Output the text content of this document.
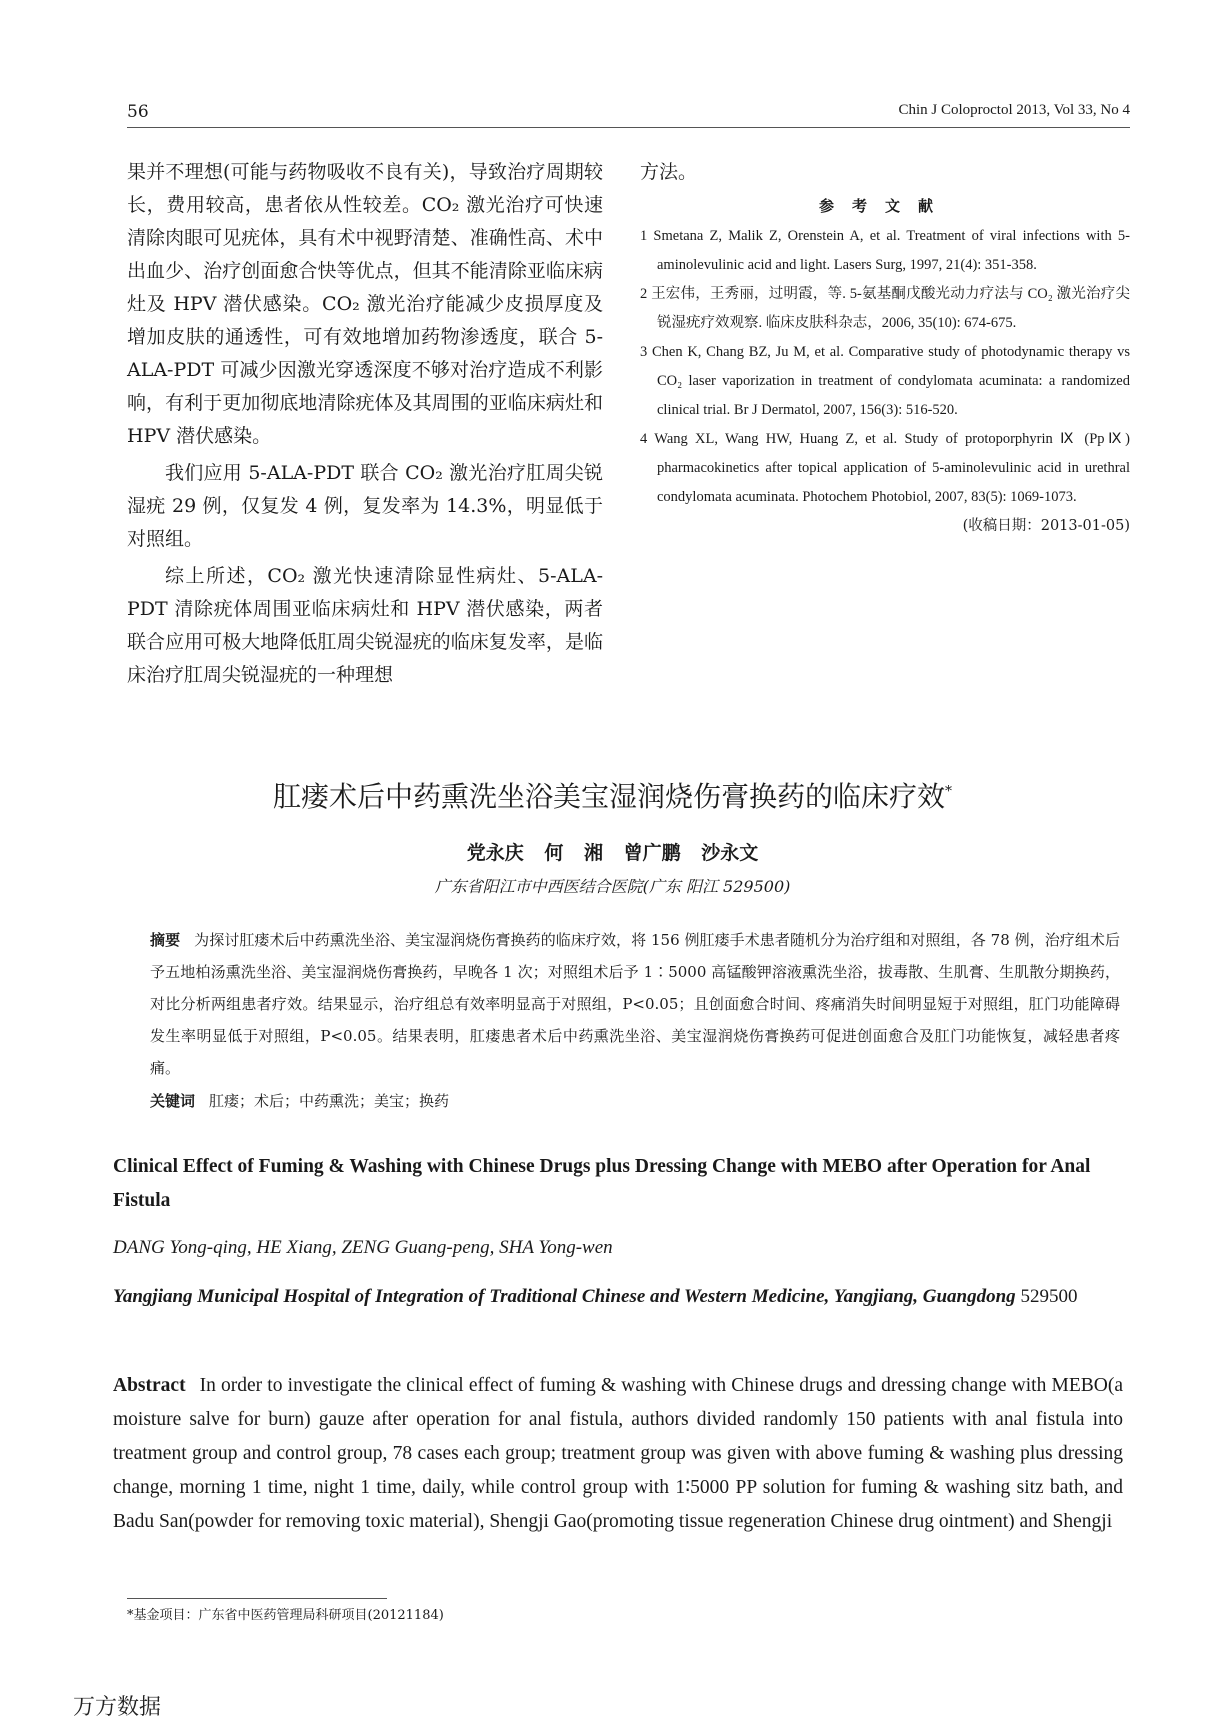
56	Chin J Coloproctol 2013, Vol 33, No 4

果并不理想(可能与药物吸收不良有关)，导致治疗周期较长，费用较高，患者依从性较差。CO₂ 激光治疗可快速清除肉眼可见疣体，具有术中视野清楚、准确性高、术中出血少、治疗创面愈合快等优点，但其不能清除亚临床病灶及 HPV 潜伏感染。CO₂ 激光治疗能减少皮损厚度及增加皮肤的通透性，可有效地增加药物渗透度，联合 5-ALA-PDT 可减少因激光穿透深度不够对治疗造成不利影响，有利于更加彻底地清除疣体及其周围的亚临床病灶和 HPV 潜伏感染。

我们应用 5-ALA-PDT 联合 CO₂ 激光治疗肛周尖锐湿疣 29 例，仅复发 4 例，复发率为 14.3%，明显低于对照组。

综上所述，CO₂ 激光快速清除显性病灶、5-ALA-PDT 清除疣体周围亚临床病灶和 HPV 潜伏感染，两者联合应用可极大地降低肛周尖锐湿疣的临床复发率，是临床治疗肛周尖锐湿疣的一种理想

方法。

参考文献
1 Smetana Z, Malik Z, Orenstein A, et al. Treatment of viral infections with 5-aminolevulinic acid and light. Lasers Surg, 1997, 21(4): 351-358.
2 王宏伟，王秀丽，过明霞，等. 5-氨基酮戊酸光动力疗法与 CO₂ 激光治疗尖锐湿疣疗效观察. 临床皮肤科杂志，2006, 35(10): 674-675.
3 Chen K, Chang BZ, Ju M, et al. Comparative study of photodynamic therapy vs CO₂ laser vaporization in treatment of condylomata acuminata: a randomized clinical trial. Br J Dermatol, 2007, 156(3): 516-520.
4 Wang XL, Wang HW, Huang Z, et al. Study of protoporphyrin Ⅸ (PpⅨ) pharmacokinetics after topical application of 5-aminolevulinic acid in urethral condylomata acuminata. Photochem Photobiol, 2007, 83(5): 1069-1073.
(收稿日期：2013-01-05)
肛瘘术后中药熏洗坐浴美宝湿润烧伤膏换药的临床疗效*
党永庆 何 湘 曾广鹏 沙永文
广东省阳江市中西医结合医院(广东 阳江 529500)
摘要 为探讨肛瘘术后中药熏洗坐浴、美宝湿润烧伤膏换药的临床疗效，将 156 例肛瘘手术患者随机分为治疗组和对照组，各 78 例，治疗组术后予五地柏汤熏洗坐浴、美宝湿润烧伤膏换药，早晚各 1 次；对照组术后予 1∶5000 高锰酸钾溶液熏洗坐浴，拔毒散、生肌膏、生肌散分期换药，对比分析两组患者疗效。结果显示，治疗组总有效率明显高于对照组，P<0.05；且创面愈合时间、疼痛消失时间明显短于对照组，肛门功能障碍发生率明显低于对照组，P<0.05。结果表明，肛瘘患者术后中药熏洗坐浴、美宝湿润烧伤膏换药可促进创面愈合及肛门功能恢复，减轻患者疼痛。
关键词 肛瘘；术后；中药熏洗；美宝；换药
Clinical Effect of Fuming & Washing with Chinese Drugs plus Dressing Change with MEBO after Operation for Anal Fistula
DANG Yong-qing, HE Xiang, ZENG Guang-peng, SHA Yong-wen
Yangjiang Municipal Hospital of Integration of Traditional Chinese and Western Medicine, Yangjiang, Guangdong 529500
Abstract In order to investigate the clinical effect of fuming & washing with Chinese drugs and dressing change with MEBO(a moisture salve for burn) gauze after operation for anal fistula, authors divided randomly 150 patients with anal fistula into treatment group and control group, 78 cases each group; treatment group was given with above fuming & washing plus dressing change, morning 1 time, night 1 time, daily, while control group with 1∶5000 PP solution for fuming & washing sitz bath, and Badu San(powder for removing toxic material), Shengji Gao(promoting tissue regeneration Chinese drug ointment) and Shengji
*基金项目：广东省中医药管理局科研项目(20121184)
万方数据
